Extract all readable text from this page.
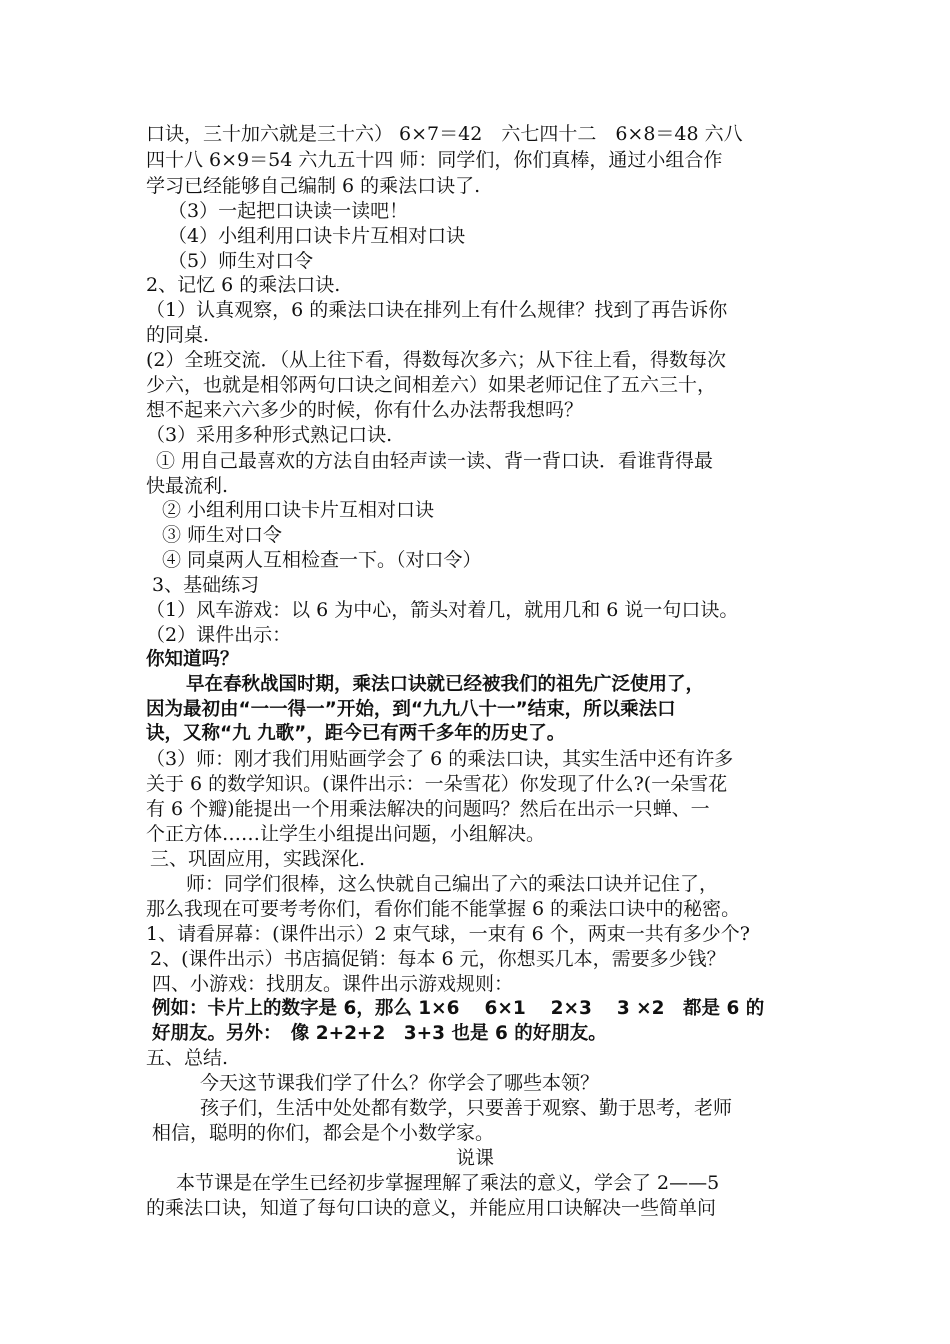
口诀，三十加六就是三十六） 6×7＝42　六七四十二　6×8＝48 六八
四十八 6×9＝54 六九五十四 师：同学们，你们真棒，通过小组合作
学习已经能够自己编制 6 的乘法口诀了.
（3）一起把口诀读一读吧！
（4）小组利用口诀卡片互相对口诀
（5）师生对口令
2、记忆 6 的乘法口诀.
（1）认真观察，6 的乘法口诀在排列上有什么规律？找到了再告诉你
的同桌.
(2）全班交流．（从上往下看，得数每次多六；从下往上看，得数每次
少六，也就是相邻两句口诀之间相差六）如果老师记住了五六三十，
想不起来六六多少的时候，你有什么办法帮我想吗？
（3）采用多种形式熟记口诀.
① 用自己最喜欢的方法自由轻声读一读、背一背口诀．看谁背得最
快最流利.
② 小组利用口诀卡片互相对口诀
③ 师生对口令
④ 同桌两人互相检查一下。（对口令）
3、基础练习
（1）风车游戏：以 6 为中心，箭头对着几，就用几和 6 说一句口诀。
（2）课件出示：
你知道吗？
早在春秋战国时期，乘法口诀就已经被我们的祖先广泛使用了，
因为最初由“一一得一”开始，到“九九八十一”结束，所以乘法口
诀，又称“九 九歌”，距今已有两千多年的历史了。
（3）师：刚才我们用贴画学会了 6 的乘法口诀，其实生活中还有许多
关于 6 的数学知识。(课件出示：一朵雪花）你发现了什么?(一朵雪花
有 6 个瓣)能提出一个用乘法解决的问题吗？然后在出示一只蝉、一
个正方体……让学生小组提出问题，小组解决。
三、巩固应用，实践深化.
师：同学们很棒，这么快就自己编出了六的乘法口诀并记住了，
那么我现在可要考考你们，看你们能不能掌握 6 的乘法口诀中的秘密。
1、请看屏幕：(课件出示）2 束气球，一束有 6 个，两束一共有多少个?
2、(课件出示）书店搞促销：每本 6 元，你想买几本，需要多少钱？
四、小游戏：找朋友。课件出示游戏规则：
例如：卡片上的数字是 6，那么 1×6　 6×1　 2×3　 3 ×2　都是 6 的
好朋友。另外：　像 2+2+2　3+3 也是 6 的好朋友。
五、总结.
今天这节课我们学了什么？你学会了哪些本领？
孩子们，生活中处处都有数学，只要善于观察、勤于思考，老师
相信，聪明的你们，都会是个小数学家。
说课
本节课是在学生已经初步掌握理解了乘法的意义，学会了 2——5
的乘法口诀，知道了每句口诀的意义，并能应用口诀解决一些简单问
